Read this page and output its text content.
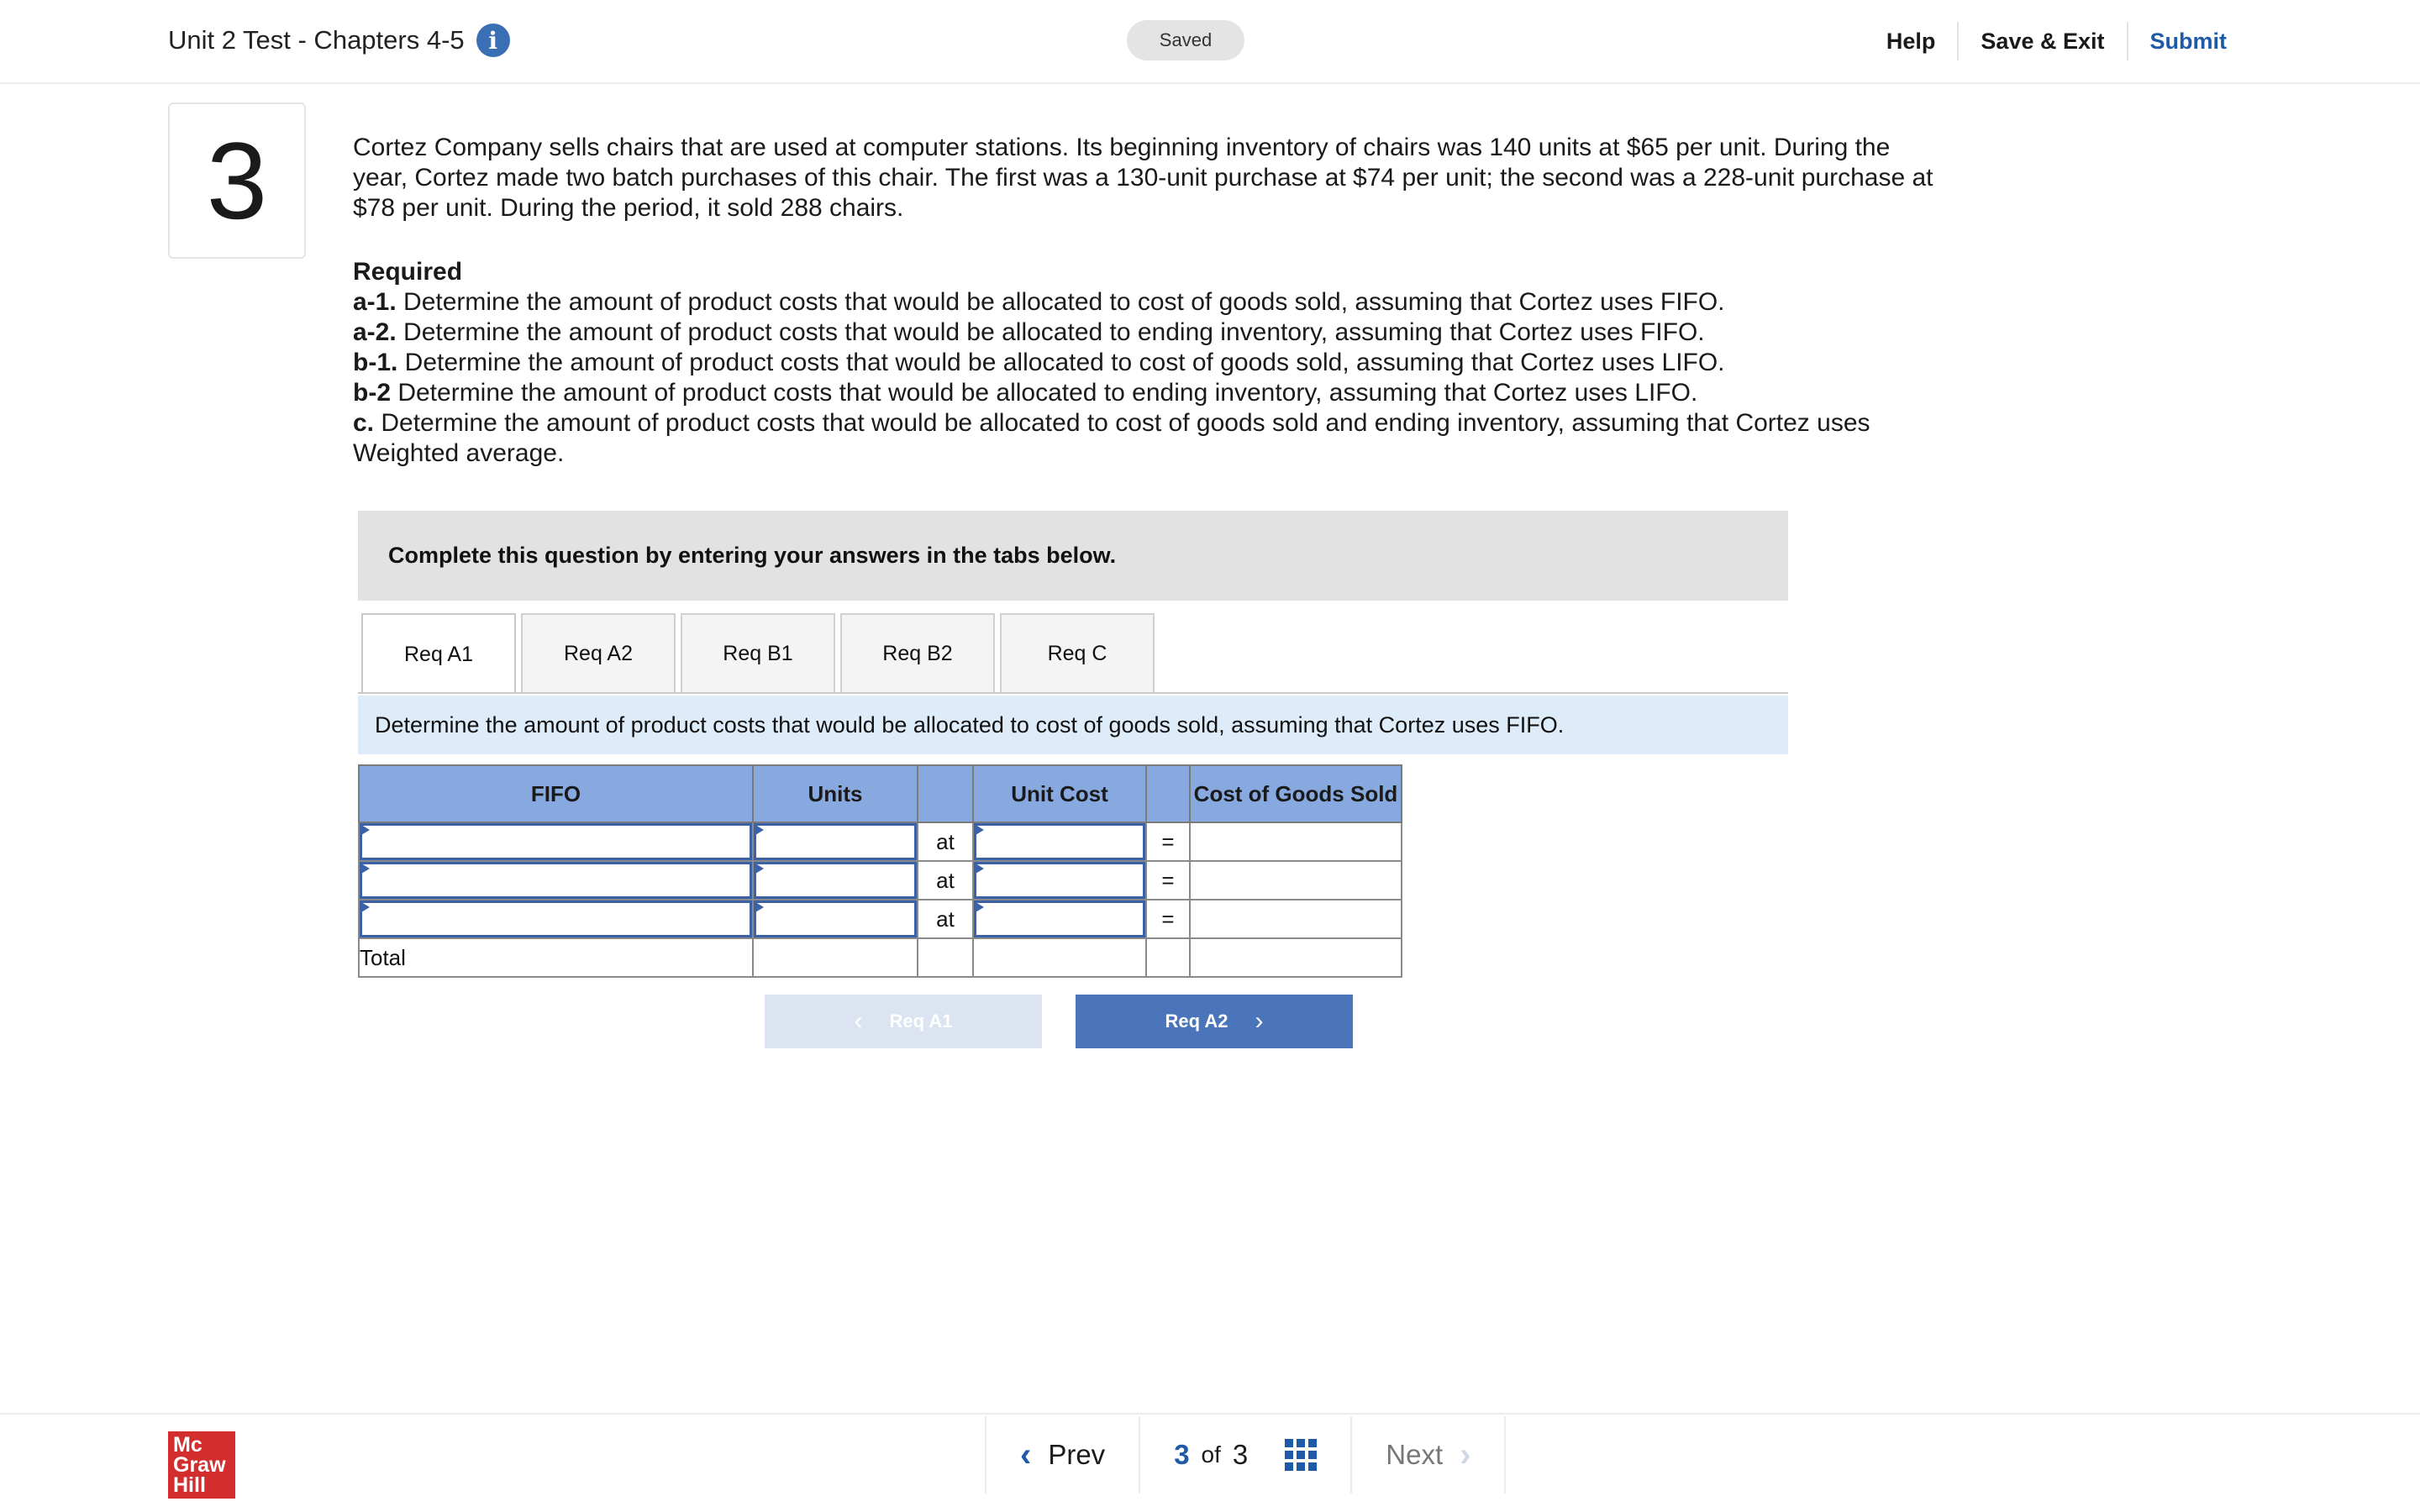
Unit 2 Test - Chapters 4-5	i	Saved	Help	Save & Exit	Submit
3	Cortez Company sells chairs that are used at computer stations. Its beginning inventory of chairs was 140 units at $65 per unit. During the year, Cortez made two batch purchases of this chair. The first was a 130-unit purchase at $74 per unit; the second was a 228-unit purchase at $78 per unit. During the period, it sold 288 chairs.

Required
a-1. Determine the amount of product costs that would be allocated to cost of goods sold, assuming that Cortez uses FIFO.
a-2. Determine the amount of product costs that would be allocated to ending inventory, assuming that Cortez uses FIFO.
b-1. Determine the amount of product costs that would be allocated to cost of goods sold, assuming that Cortez uses LIFO.
b-2 Determine the amount of product costs that would be allocated to ending inventory, assuming that Cortez uses LIFO.
c. Determine the amount of product costs that would be allocated to cost of goods sold and ending inventory, assuming that Cortez uses Weighted average.
Complete this question by entering your answers in the tabs below.
Req A1	Req A2	Req B1	Req B2	Req C
Determine the amount of product costs that would be allocated to cost of goods sold, assuming that Cortez uses FIFO.
FIFO	Units		Unit Cost		Cost of Goods Sold

	at		=	

	at		=	

	at		=	
Total					
‹ Req A1	Req A2 ›
Mc
Graw
Hill
‹ Prev 3 of 3	Next ›
